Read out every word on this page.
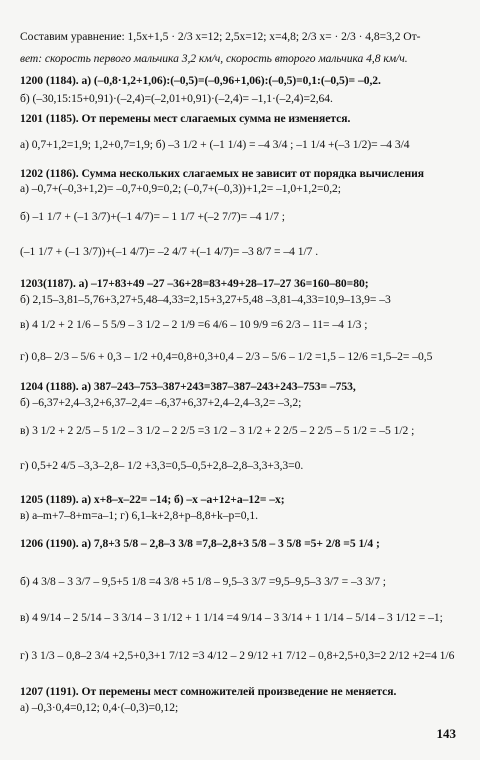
Составим уравнение: 1,5x+1,5 · 2/3 x=12; 2,5x=12; x=4,8; 2/3 x= · 2/3 · 4,8=3,2 От-
вет: скорость первого мальчика 3,2 км/ч, скорость второго мальчика 4,8 км/ч.
1200 (1184). а) (–0,8·1,2+1,06):(–0,5)=(–0,96+1,06):(–0,5)=0,1:(–0,5)= –0,2.
б) (–30,15:15+0,91)·(–2,4)=(–2,01+0,91)·(–2,4)= –1,1·(–2,4)=2,64.
1201 (1185). От перемены мест слагаемых сумма не изменяется.
а) 0,7+1,2=1,9; 1,2+0,7=1,9; б) –3 1/2 + (–1 1/4) = –4 3/4 ; –1 1/4 +(–3 1/2)= –4 3/4
1202 (1186). Сумма нескольких слагаемых не зависит от порядка вычисления
а) –0,7+(–0,3+1,2)= –0,7+0,9=0,2; (–0,7+(–0,3))+1,2= –1,0+1,2=0,2;
б) –1 1/7 + (–1 3/7)+(–1 4/7)= – 1 1/7 +(–2 7/7)= –4 1/7 ;
(–1 1/7 + (–1 3/7))+(–1 4/7)= –2 4/7 +(–1 4/7)= –3 8/7 = –4 1/7 .
1203(1187). а) –17+83+49 –27 –36+28=83+49+28–17–27 36=160–80=80;
б) 2,15–3,81–5,76+3,27+5,48–4,33=2,15+3,27+5,48 –3,81–4,33=10,9–13,9= –3
в) 4 1/2 + 2 1/6 – 5 5/9 – 3 1/2 – 2 1/9 =6 4/6 – 10 9/9 =6 2/3 – 11= –4 1/3 ;
г) 0,8– 2/3 – 5/6 + 0,3 – 1/2 +0,4=0,8+0,3+0,4 – 2/3 – 5/6 – 1/2 =1,5 – 12/6 =1,5–2= –0,5
1204 (1188). а) 387–243–753–387+243=387–387–243+243–753= –753,
б) –6,37+2,4–3,2+6,37–2,4= –6,37+6,37+2,4–2,4–3,2= –3,2;
в) 3 1/2 + 2 2/5 – 5 1/2 – 3 1/2 – 2 2/5 =3 1/2 – 3 1/2 + 2 2/5 – 2 2/5 – 5 1/2 = –5 1/2 ;
г) 0,5+2 4/5 –3,3–2,8– 1/2 +3,3=0,5–0,5+2,8–2,8–3,3+3,3=0.
1205 (1189). а) x+8–x–22= –14; б) –x –a+12+a–12= –x;
в) a–m+7–8+m=a–1; г) 6,1–k+2,8+p–8,8+k–p=0,1.
1206 (1190). а) 7,8+3 5/8 – 2,8–3 3/8 =7,8–2,8+3 5/8 – 3 5/8 =5+ 2/8 =5 1/4 ;
б) 4 3/8 – 3 3/7 – 9,5+5 1/8 =4 3/8 +5 1/8 – 9,5–3 3/7 =9,5–9,5–3 3/7 = –3 3/7 ;
в) 4 9/14 – 2 5/14 – 3 3/14 – 3 1/12 + 1 1/14 =4 9/14 – 3 3/14 + 1 1/14 – 5/14 – 3 1/12 = –1;
г) 3 1/3 – 0,8–2 3/4 +2,5+0,3+1 7/12 =3 4/12 – 2 9/12 +1 7/12 – 0,8+2,5+0,3=2 2/12 +2=4 1/6
1207 (1191). От перемены мест сомножителей произведение не меняется.
а) –0,3·0,4=0,12; 0,4·(–0,3)=0,12;
143
